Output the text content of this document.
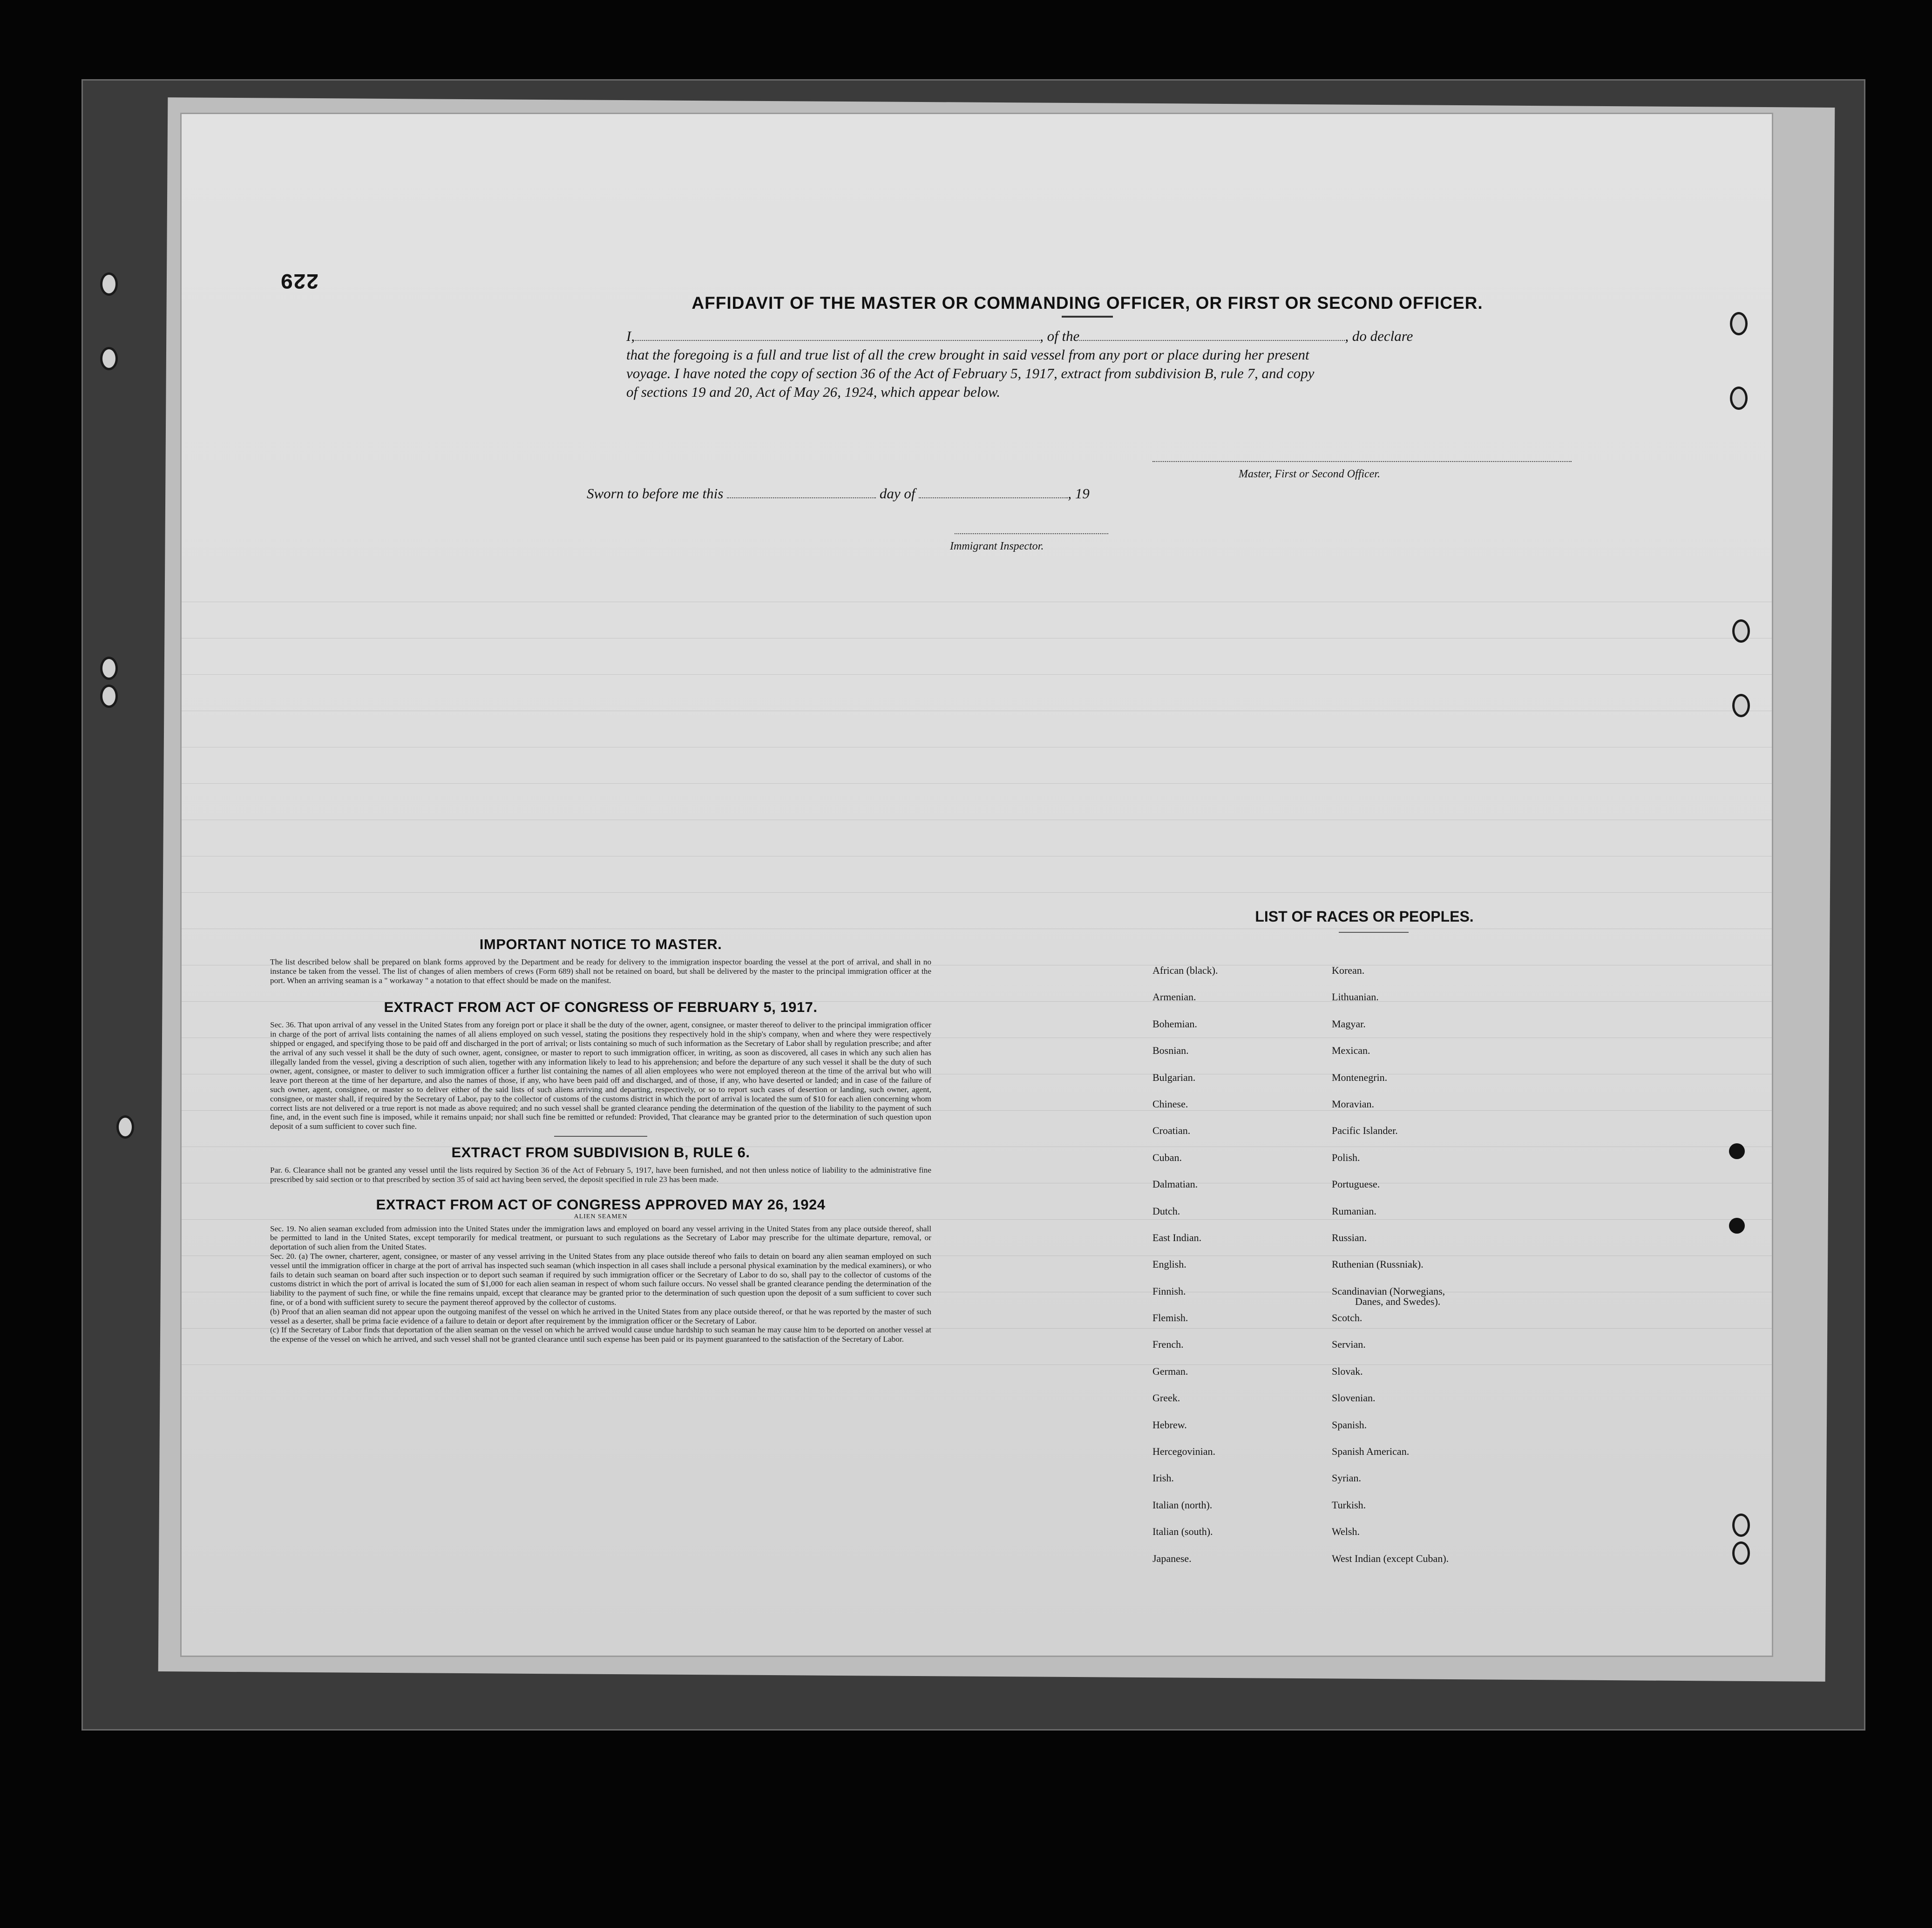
229
AFFIDAVIT OF THE MASTER OR COMMANDING OFFICER, OR FIRST OR SECOND OFFICER.
I,	, of the	, do declare
that the foregoing is a full and true list of all the crew brought in said vessel from any port or place during her present
voyage. I have noted the copy of section 36 of the Act of February 5, 1917, extract from subdivision B, rule 7, and copy
of sections 19 and 20, Act of May 26, 1924, which appear below.
Master, First or Second Officer.
Sworn to before me this	day of	, 19
Immigrant Inspector.
IMPORTANT NOTICE TO MASTER.
The list described below shall be prepared on blank forms approved by the Department and be ready for delivery to the immigration inspector boarding the vessel at the port of arrival, and shall in no instance be taken from the vessel. The list of changes of alien members of crews (Form 689) shall not be retained on board, but shall be delivered by the master to the principal immigration officer at the port. When an arriving seaman is a " workaway " a notation to that effect should be made on the manifest.
EXTRACT FROM ACT OF CONGRESS OF FEBRUARY 5, 1917.
Sec. 36. That upon arrival of any vessel in the United States from any foreign port or place it shall be the duty of the owner, agent, consignee, or master thereof to deliver to the principal immigration officer in charge of the port of arrival lists containing the names of all aliens employed on such vessel, stating the positions they respectively hold in the ship's company, when and where they were respectively shipped or engaged, and specifying those to be paid off and discharged in the port of arrival; or lists containing so much of such information as the Secretary of Labor shall by regulation prescribe; and after the arrival of any such vessel it shall be the duty of such owner, agent, consignee, or master to report to such immigration officer, in writing, as soon as discovered, all cases in which any such alien has illegally landed from the vessel, giving a description of such alien, together with any information likely to lead to his apprehension; and before the departure of any such vessel it shall be the duty of such owner, agent, consignee, or master to deliver to such immigration officer a further list containing the names of all alien employees who were not employed thereon at the time of the arrival but who will leave port thereon at the time of her departure, and also the names of those, if any, who have been paid off and discharged, and of those, if any, who have deserted or landed; and in case of the failure of such owner, agent, consignee, or master so to deliver either of the said lists of such aliens arriving and departing, respectively, or so to report such cases of desertion or landing, such owner, agent, consignee, or master shall, if required by the Secretary of Labor, pay to the collector of customs of the customs district in which the port of arrival is located the sum of $10 for each alien concerning whom correct lists are not delivered or a true report is not made as above required; and no such vessel shall be granted clearance pending the determination of the question of the liability to the payment of such fine, and, in the event such fine is imposed, while it remains unpaid; nor shall such fine be remitted or refunded: Provided, That clearance may be granted prior to the determination of such question upon deposit of a sum sufficient to cover such fine.
EXTRACT FROM SUBDIVISION B, RULE 6.
Par. 6. Clearance shall not be granted any vessel until the lists required by Section 36 of the Act of February 5, 1917, have been furnished, and not then unless notice of liability to the administrative fine prescribed by said section or to that prescribed by section 35 of said act having been served, the deposit specified in rule 23 has been made.
EXTRACT FROM ACT OF CONGRESS APPROVED MAY 26, 1924
ALIEN SEAMEN
Sec. 19. No alien seaman excluded from admission into the United States under the immigration laws and employed on board any vessel arriving in the United States from any place outside thereof, shall be permitted to land in the United States, except temporarily for medical treatment, or pursuant to such regulations as the Secretary of Labor may prescribe for the ultimate departure, removal, or deportation of such alien from the United States.
Sec. 20. (a) The owner, charterer, agent, consignee, or master of any vessel arriving in the United States from any place outside thereof who fails to detain on board any alien seaman employed on such vessel until the immigration officer in charge at the port of arrival has inspected such seaman (which inspection in all cases shall include a personal physical examination by the medical examiners), or who fails to detain such seaman on board after such inspection or to deport such seaman if required by such immigration officer or the Secretary of Labor to do so, shall pay to the collector of customs of the customs district in which the port of arrival is located the sum of $1,000 for each alien seaman in respect of whom such failure occurs. No vessel shall be granted clearance pending the determination of the liability to the payment of such fine, or while the fine remains unpaid, except that clearance may be granted prior to the determination of such question upon the deposit of a sum sufficient to cover such fine, or of a bond with sufficient surety to secure the payment thereof approved by the collector of customs.
(b) Proof that an alien seaman did not appear upon the outgoing manifest of the vessel on which he arrived in the United States from any place outside thereof, or that he was reported by the master of such vessel as a deserter, shall be prima facie evidence of a failure to detain or deport after requirement by the immigration officer or the Secretary of Labor.
(c) If the Secretary of Labor finds that deportation of the alien seaman on the vessel on which he arrived would cause undue hardship to such seaman he may cause him to be deported on another vessel at the expense of the vessel on which he arrived, and such vessel shall not be granted clearance until such expense has been paid or its payment guaranteed to the satisfaction of the Secretary of Labor.
LIST OF RACES OR PEOPLES.
African (black).	Korean.
Armenian.	Lithuanian.
Bohemian.	Magyar.
Bosnian.	Mexican.
Bulgarian.	Montenegrin.
Chinese.	Moravian.
Croatian.	Pacific Islander.
Cuban.	Polish.
Dalmatian.	Portuguese.
Dutch.	Rumanian.
East Indian.	Russian.
English.	Ruthenian (Russniak).
Finnish.	Scandinavian (Norwegians,
Danes, and Swedes).
Flemish.	Scotch.
French.	Servian.
German.	Slovak.
Greek.	Slovenian.
Hebrew.	Spanish.
Hercegovinian.	Spanish American.
Irish.	Syrian.
Italian (north).	Turkish.
Italian (south).	Welsh.
Japanese.	West Indian (except Cuban).
